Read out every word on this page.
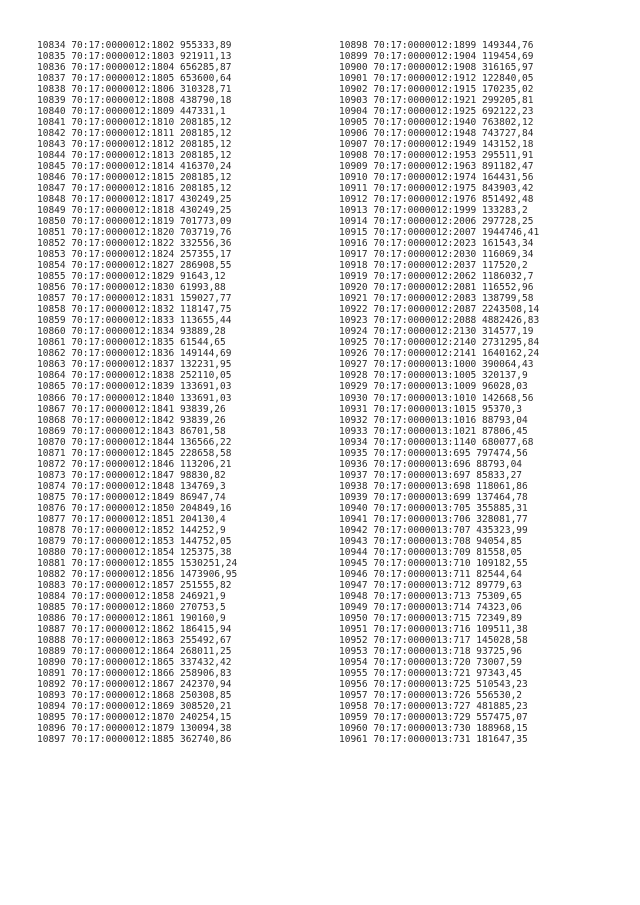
10834 70:17:0000012:1802 955333,89
10835 70:17:0000012:1803 921911,13
10836 70:17:0000012:1804 656285,87
10837 70:17:0000012:1805 653600,64
10838 70:17:0000012:1806 310328,71
10839 70:17:0000012:1808 438790,18
10840 70:17:0000012:1809 447331,1
10841 70:17:0000012:1810 208185,12
10842 70:17:0000012:1811 208185,12
10843 70:17:0000012:1812 208185,12
10844 70:17:0000012:1813 208185,12
10845 70:17:0000012:1814 416370,24
10846 70:17:0000012:1815 208185,12
10847 70:17:0000012:1816 208185,12
10848 70:17:0000012:1817 430249,25
10849 70:17:0000012:1818 430249,25
10850 70:17:0000012:1819 701773,09
10851 70:17:0000012:1820 703719,76
10852 70:17:0000012:1822 332556,36
10853 70:17:0000012:1824 257355,17
10854 70:17:0000012:1827 286908,55
10855 70:17:0000012:1829 91643,12
10856 70:17:0000012:1830 61993,88
10857 70:17:0000012:1831 159027,77
10858 70:17:0000012:1832 118147,75
10859 70:17:0000012:1833 113655,44
10860 70:17:0000012:1834 93889,28
10861 70:17:0000012:1835 61544,65
10862 70:17:0000012:1836 149144,69
10863 70:17:0000012:1837 132231,95
10864 70:17:0000012:1838 252110,05
10865 70:17:0000012:1839 133691,03
10866 70:17:0000012:1840 133691,03
10867 70:17:0000012:1841 93839,26
10868 70:17:0000012:1842 93839,26
10869 70:17:0000012:1843 86701,58
10870 70:17:0000012:1844 136566,22
10871 70:17:0000012:1845 228658,58
10872 70:17:0000012:1846 113206,21
10873 70:17:0000012:1847 98830,82
10874 70:17:0000012:1848 134769,3
10875 70:17:0000012:1849 86947,74
10876 70:17:0000012:1850 204849,16
10877 70:17:0000012:1851 204130,4
10878 70:17:0000012:1852 144252,9
10879 70:17:0000012:1853 144752,05
10880 70:17:0000012:1854 125375,38
10881 70:17:0000012:1855 1530251,24
10882 70:17:0000012:1856 1473906,95
10883 70:17:0000012:1857 251555,82
10884 70:17:0000012:1858 246921,9
10885 70:17:0000012:1860 270753,5
10886 70:17:0000012:1861 190160,9
10887 70:17:0000012:1862 186415,94
10888 70:17:0000012:1863 255492,67
10889 70:17:0000012:1864 268011,25
10890 70:17:0000012:1865 337432,42
10891 70:17:0000012:1866 258906,83
10892 70:17:0000012:1867 242370,94
10893 70:17:0000012:1868 250308,85
10894 70:17:0000012:1869 308520,21
10895 70:17:0000012:1870 240254,15
10896 70:17:0000012:1879 130094,38
10897 70:17:0000012:1885 362740,86
10898 70:17:0000012:1899 149344,76
10899 70:17:0000012:1904 119454,69
10900 70:17:0000012:1908 316165,97
10901 70:17:0000012:1912 122840,05
10902 70:17:0000012:1915 170235,02
10903 70:17:0000012:1921 299205,81
10904 70:17:0000012:1925 692122,23
10905 70:17:0000012:1940 763802,12
10906 70:17:0000012:1948 743727,84
10907 70:17:0000012:1949 143152,18
10908 70:17:0000012:1953 295511,91
10909 70:17:0000012:1963 891182,47
10910 70:17:0000012:1974 164431,56
10911 70:17:0000012:1975 843903,42
10912 70:17:0000012:1976 851492,48
10913 70:17:0000012:1999 133283,2
10914 70:17:0000012:2006 297728,25
10915 70:17:0000012:2007 1944746,41
10916 70:17:0000012:2023 161543,34
10917 70:17:0000012:2030 116069,34
10918 70:17:0000012:2037 117520,2
10919 70:17:0000012:2062 1186032,7
10920 70:17:0000012:2081 116552,96
10921 70:17:0000012:2083 138799,58
10922 70:17:0000012:2087 2243508,14
10923 70:17:0000012:2088 4882426,83
10924 70:17:0000012:2130 314577,19
10925 70:17:0000012:2140 2731295,84
10926 70:17:0000012:2141 1640162,24
10927 70:17:0000013:1000 390064,43
10928 70:17:0000013:1005 320137,9
10929 70:17:0000013:1009 96028,03
10930 70:17:0000013:1010 142668,56
10931 70:17:0000013:1015 95370,3
10932 70:17:0000013:1016 88793,04
10933 70:17:0000013:1021 87806,45
10934 70:17:0000013:1140 680077,68
10935 70:17:0000013:695 797474,56
10936 70:17:0000013:696 88793,04
10937 70:17:0000013:697 85833,27
10938 70:17:0000013:698 118061,86
10939 70:17:0000013:699 137464,78
10940 70:17:0000013:705 355885,31
10941 70:17:0000013:706 328081,77
10942 70:17:0000013:707 435323,99
10943 70:17:0000013:708 94054,85
10944 70:17:0000013:709 81558,05
10945 70:17:0000013:710 109182,55
10946 70:17:0000013:711 82544,64
10947 70:17:0000013:712 89779,63
10948 70:17:0000013:713 75309,65
10949 70:17:0000013:714 74323,06
10950 70:17:0000013:715 72349,89
10951 70:17:0000013:716 109511,38
10952 70:17:0000013:717 145028,58
10953 70:17:0000013:718 93725,96
10954 70:17:0000013:720 73007,59
10955 70:17:0000013:721 97343,45
10956 70:17:0000013:725 510543,23
10957 70:17:0000013:726 556530,2
10958 70:17:0000013:727 481885,23
10959 70:17:0000013:729 557475,07
10960 70:17:0000013:730 188968,15
10961 70:17:0000013:731 181647,35
